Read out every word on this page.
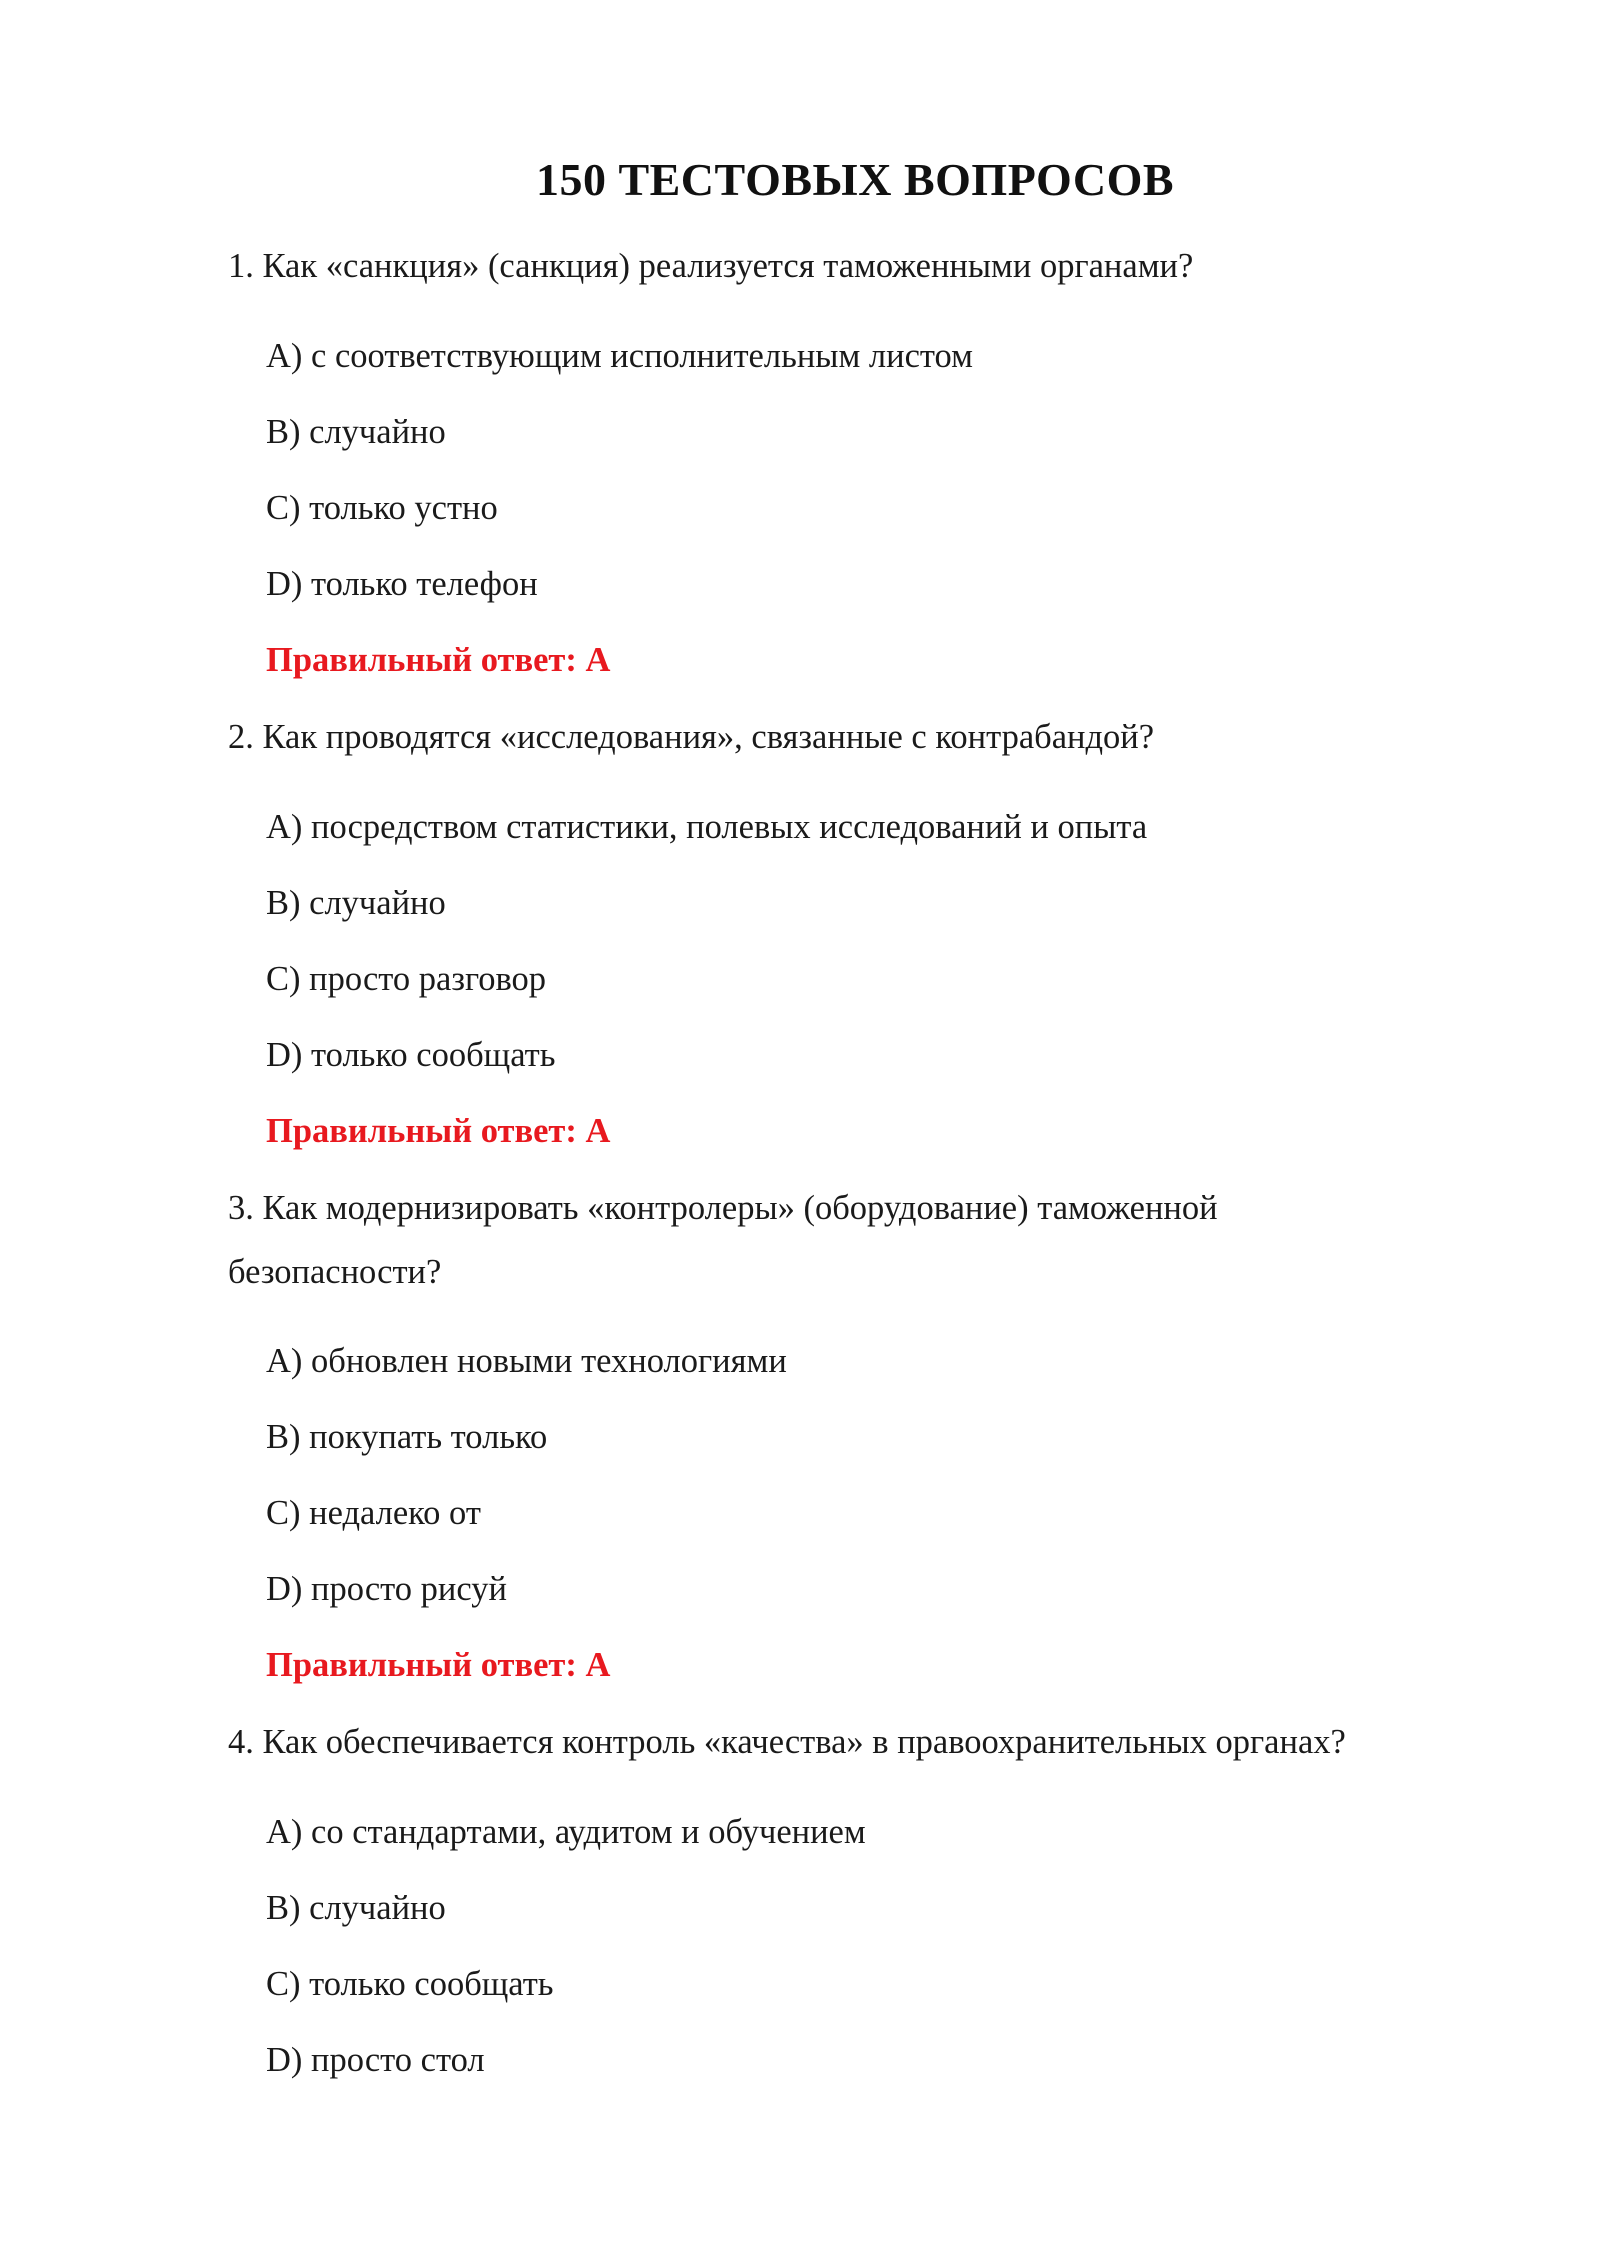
150 ТЕСТОВЫХ ВОПРОСОВ
1. Как «санкция» (санкция) реализуется таможенными органами?
A) с соответствующим исполнительным листом
B) случайно
C) только устно
D) только телефон
Правильный ответ: A
2. Как проводятся «исследования», связанные с контрабандой?
A) посредством статистики, полевых исследований и опыта
B) случайно
C) просто разговор
D) только сообщать
Правильный ответ: A
3. Как модернизировать «контролеры» (оборудование) таможенной безопасности?
A) обновлен новыми технологиями
B) покупать только
C) недалеко от
D) просто рисуй
Правильный ответ: A
4. Как обеспечивается контроль «качества» в правоохранительных органах?
A) со стандартами, аудитом и обучением
B) случайно
C) только сообщать
D) просто стол
